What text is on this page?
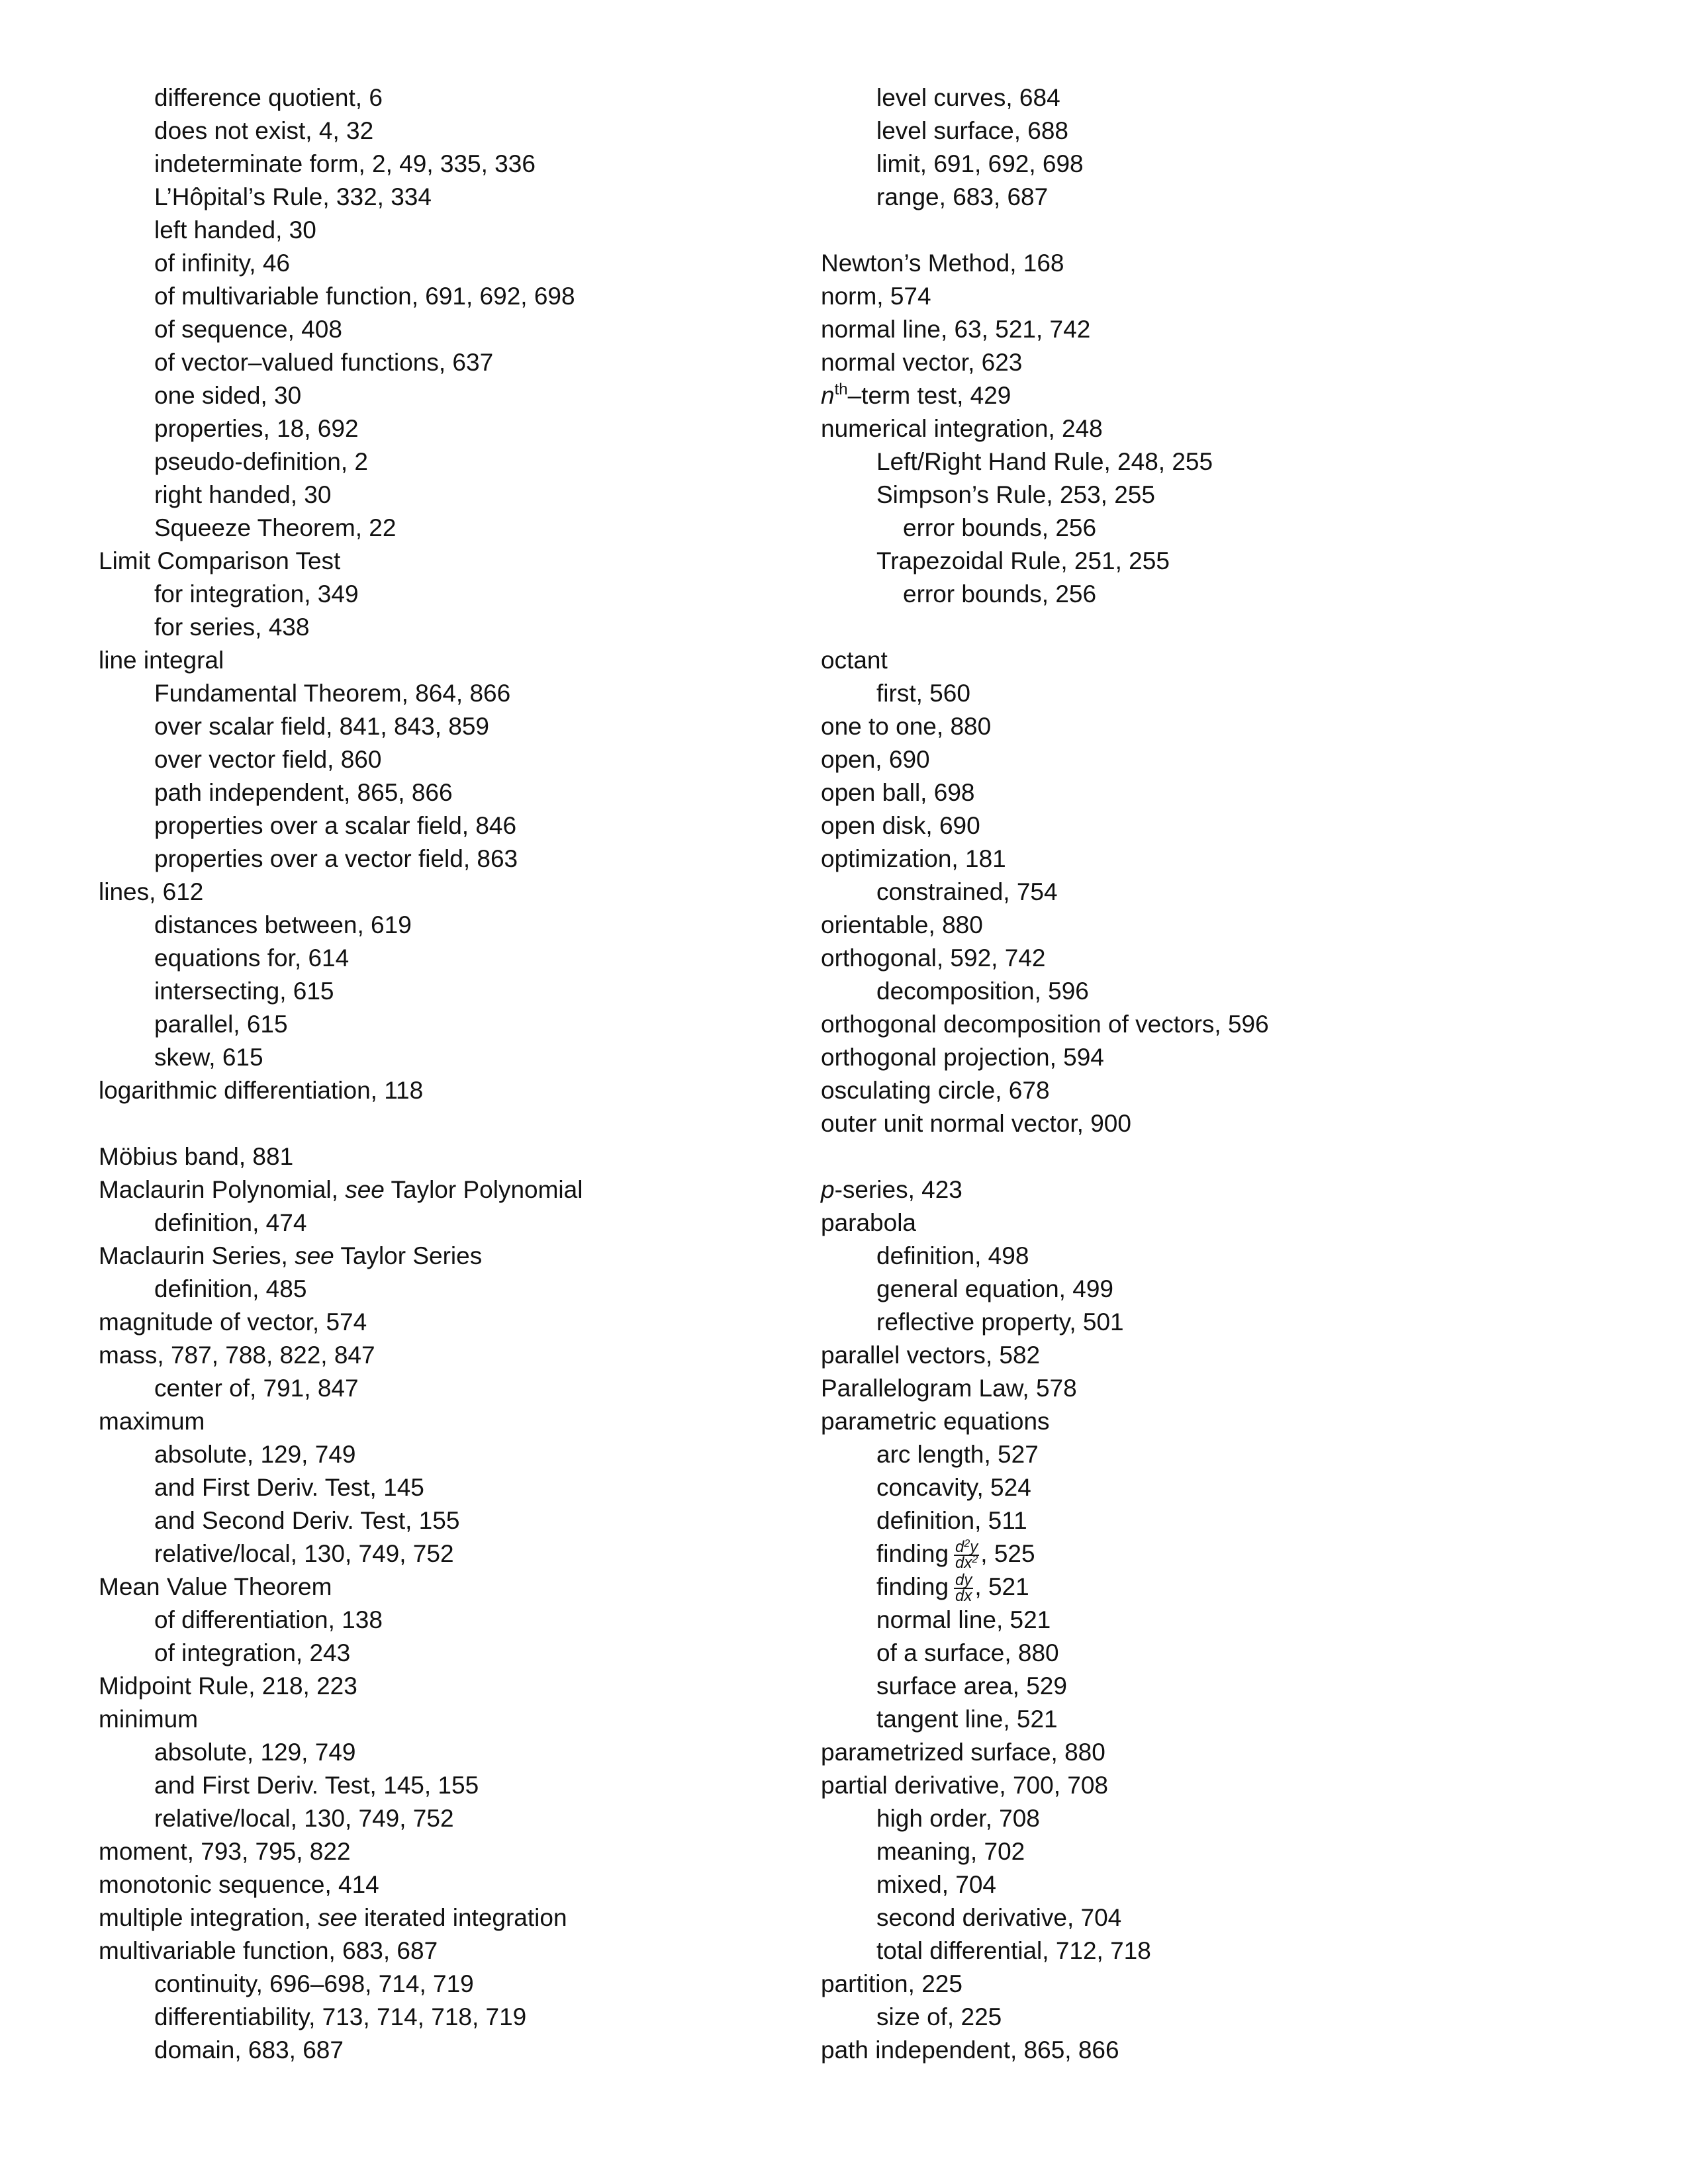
difference quotient, 6
does not exist, 4, 32
indeterminate form, 2, 49, 335, 336
L’Hôpital’s Rule, 332, 334
left handed, 30
of infinity, 46
of multivariable function, 691, 692, 698
of sequence, 408
of vector–valued functions, 637
one sided, 30
properties, 18, 692
pseudo-definition, 2
right handed, 30
Squeeze Theorem, 22
Limit Comparison Test
for integration, 349
for series, 438
line integral
Fundamental Theorem, 864, 866
over scalar field, 841, 843, 859
over vector field, 860
path independent, 865, 866
properties over a scalar field, 846
properties over a vector field, 863
lines, 612
distances between, 619
equations for, 614
intersecting, 615
parallel, 615
skew, 615
logarithmic differentiation, 118
Möbius band, 881
Maclaurin Polynomial, see Taylor Polynomial
definition, 474
Maclaurin Series, see Taylor Series
definition, 485
magnitude of vector, 574
mass, 787, 788, 822, 847
center of, 791, 847
maximum
absolute, 129, 749
and First Deriv. Test, 145
and Second Deriv. Test, 155
relative/local, 130, 749, 752
Mean Value Theorem
of differentiation, 138
of integration, 243
Midpoint Rule, 218, 223
minimum
absolute, 129, 749
and First Deriv. Test, 145, 155
relative/local, 130, 749, 752
moment, 793, 795, 822
monotonic sequence, 414
multiple integration, see iterated integration
multivariable function, 683, 687
continuity, 696–698, 714, 719
differentiability, 713, 714, 718, 719
domain, 683, 687
level curves, 684
level surface, 688
limit, 691, 692, 698
range, 683, 687
Newton’s Method, 168
norm, 574
normal line, 63, 521, 742
normal vector, 623
$n^{th}$–term test, 429
numerical integration, 248
Left/Right Hand Rule, 248, 255
Simpson’s Rule, 253, 255
error bounds, 256
Trapezoidal Rule, 251, 255
error bounds, 256
octant
first, 560
one to one, 880
open, 690
open ball, 698
open disk, 690
optimization, 181
constrained, 754
orientable, 880
orthogonal, 592, 742
decomposition, 596
orthogonal decomposition of vectors, 596
orthogonal projection, 594
osculating circle, 678
outer unit normal vector, 900
p-series, 423
parabola
definition, 498
general equation, 499
reflective property, 501
parallel vectors, 582
Parallelogram Law, 578
parametric equations
arc length, 527
concavity, 524
definition, 511
finding $\frac{d^2y}{dx^2}$ , 525
finding $\frac{dy}{dx}$ , 521
normal line, 521
of a surface, 880
surface area, 529
tangent line, 521
parametrized surface, 880
partial derivative, 700, 708
high order, 708
meaning, 702
mixed, 704
second derivative, 704
total differential, 712, 718
partition, 225
size of, 225
path independent, 865, 866
